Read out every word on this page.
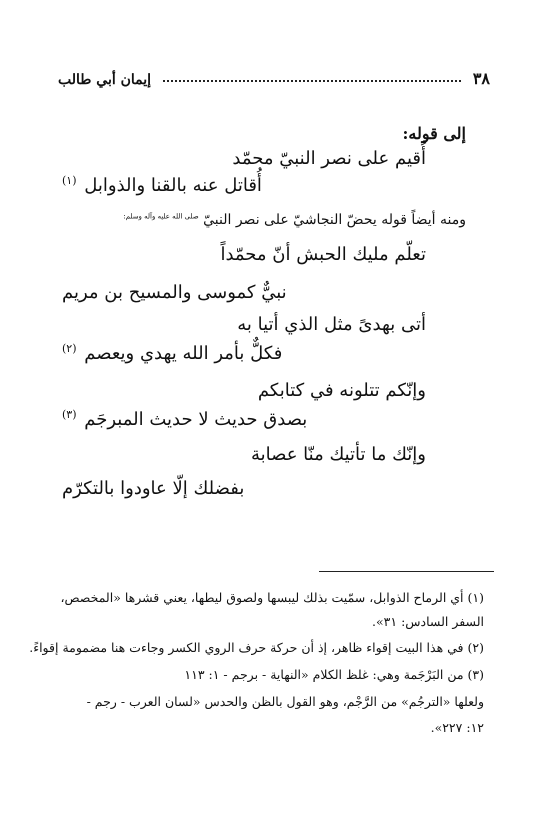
٣٨
إيمان أبي طالب
إلى قوله:
أُقيم على نصر النبيّ محمّد
أُقاتل عنه بالقنا والذوابل $^{(١)}$
ومنه أيضاً قوله يحضّ النجاشيّ على نصر النبيّ $^{صلى الله عليه وآله وسلم:}$
تعلّم مليك الحبش أنّ محمّداً
نبيٌّ كموسى والمسيح بن مريم
أتى بهدىً مثل الذي أتيا به
فكلٌّ بأمر الله يهدي ويعصم $^{(٢)}$
وإنّكم تتلونه في كتابكم
بصدق حديث لا حديث المبرجَم $^{(٣)}$
وإنّك ما تأتيك منّا عصابة
بفضلك إلّا عاودوا بالتكرّم
(١) أي الرماح الذوابل، سمّيت بذلك ليبسها ولصوق ليطها، يعني قشرها «المخصص،
السفر السادس: ٣١».
(٢) في هذا البيت إقواء ظاهر، إذ أن حركة حرف الروي الكسر وجاءت هنا مضمومة إقواءً.
(٣) من البَرْجَمة وهي: غلظ الكلام «النهاية - برجم - ١: ١١٣
ولعلها «الترجُم» من الرَّجْم، وهو القول بالظن والحدس «لسان العرب - رجم -
١٢: ٢٢٧».
